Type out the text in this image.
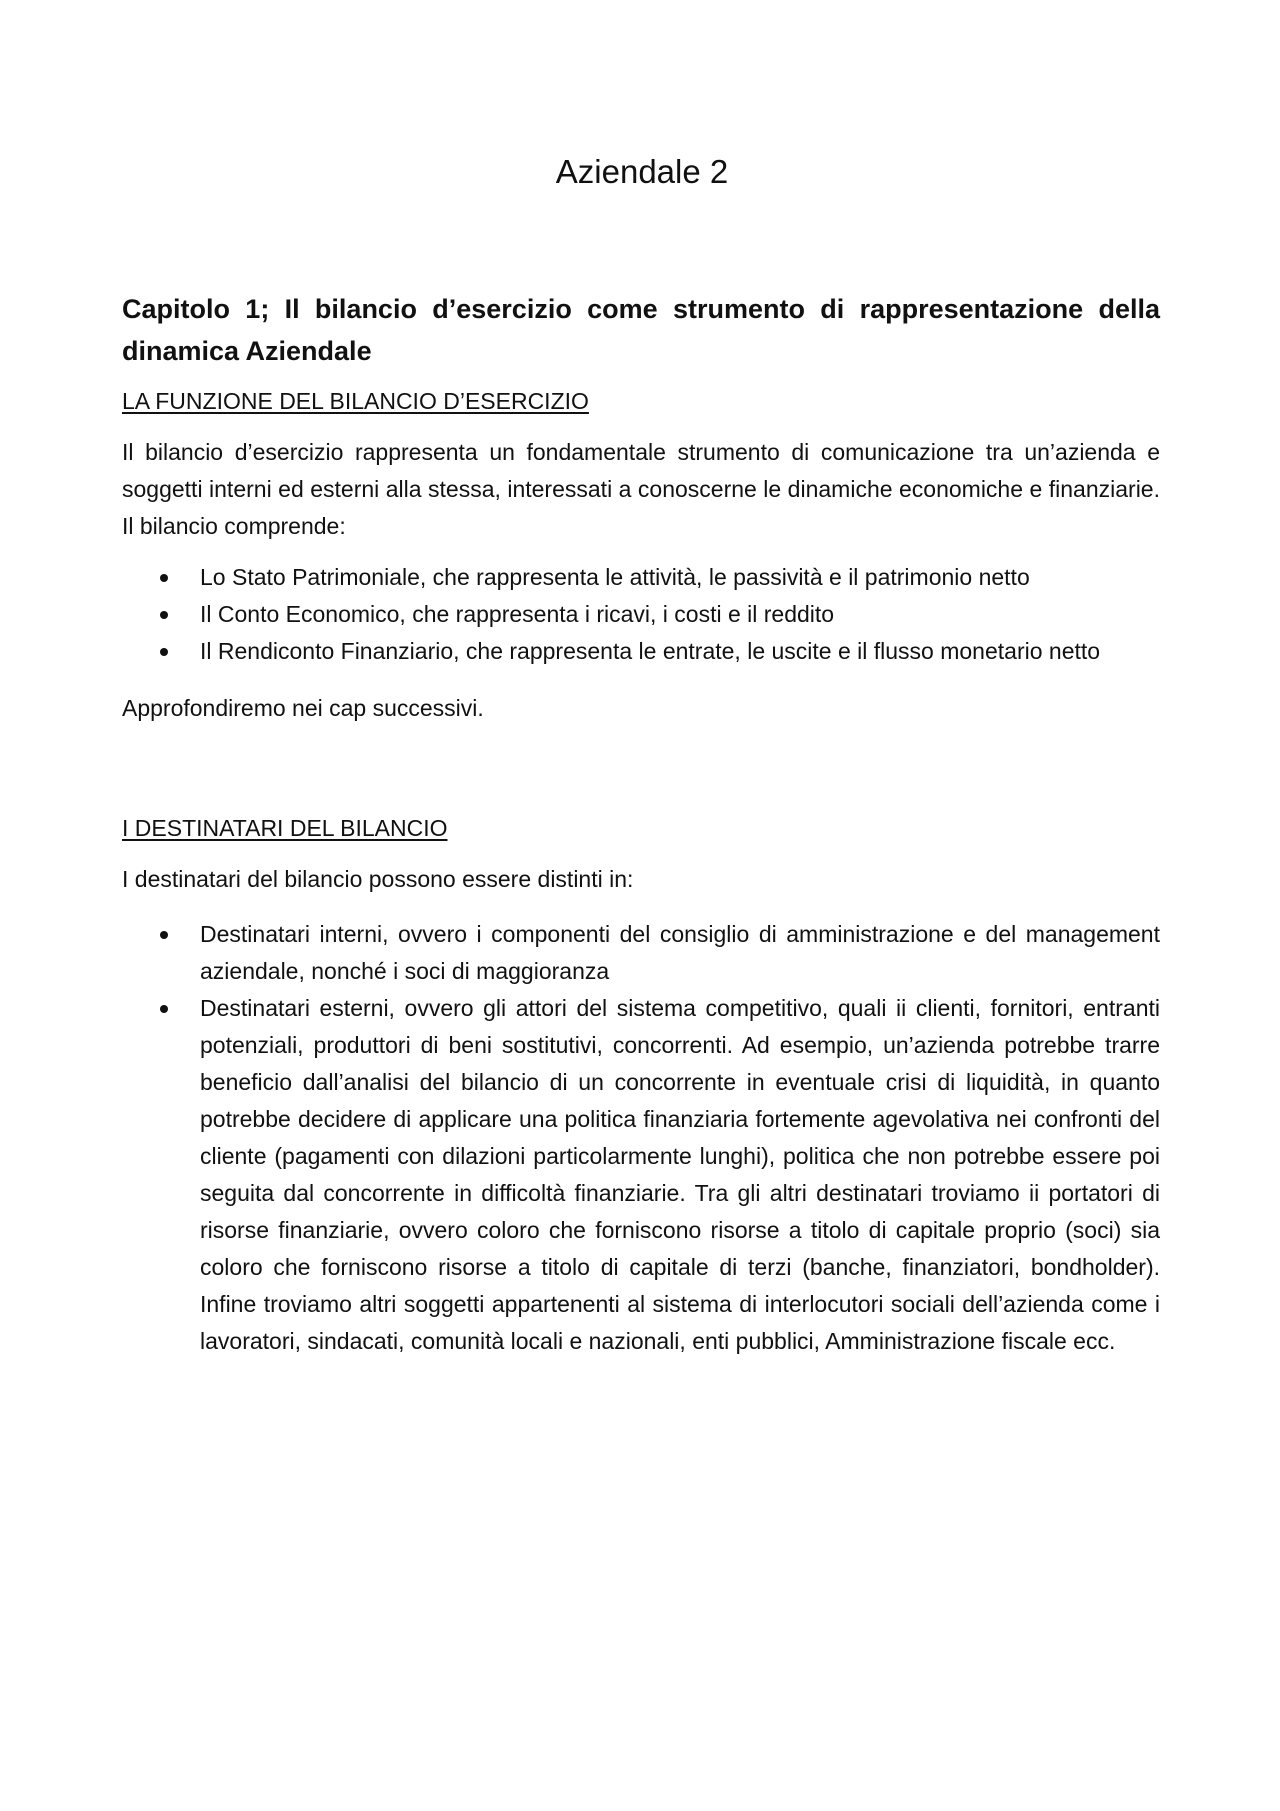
Aziendale 2
Capitolo 1; Il bilancio d’esercizio come strumento di rappresentazione della dinamica Aziendale
LA FUNZIONE DEL BILANCIO D’ESERCIZIO

Il bilancio d’esercizio rappresenta un fondamentale strumento di comunicazione tra un’azienda e soggetti interni ed esterni alla stessa, interessati a conoscerne le dinamiche economiche e finanziarie. Il bilancio comprende:

Lo Stato Patrimoniale, che rappresenta le attività, le passività e il patrimonio netto
Il Conto Economico, che rappresenta i ricavi, i costi e il reddito
Il Rendiconto Finanziario, che rappresenta le entrate, le uscite e il flusso monetario netto

Approfondiremo nei cap successivi.

I DESTINATARI DEL BILANCIO

I destinatari del bilancio possono essere distinti in:

Destinatari interni, ovvero i componenti del consiglio di amministrazione e del management aziendale, nonché i soci di maggioranza
Destinatari esterni, ovvero gli attori del sistema competitivo, quali ii clienti, fornitori, entranti potenziali, produttori di beni sostitutivi, concorrenti. Ad esempio, un’azienda potrebbe trarre beneficio dall’analisi del bilancio di un concorrente in eventuale crisi di liquidità, in quanto potrebbe decidere di applicare una politica finanziaria fortemente agevolativa nei confronti del cliente (pagamenti con dilazioni particolarmente lunghi), politica che non potrebbe essere poi seguita dal concorrente in difficoltà finanziarie. Tra gli altri destinatari troviamo ii portatori di risorse finanziarie, ovvero coloro che forniscono risorse a titolo di capitale proprio (soci) sia coloro che forniscono risorse a titolo di capitale di terzi (banche, finanziatori, bondholder). Infine troviamo altri soggetti appartenenti al sistema di interlocutori sociali dell’azienda come i lavoratori, sindacati, comunità locali e nazionali, enti pubblici, Amministrazione fiscale ecc.
